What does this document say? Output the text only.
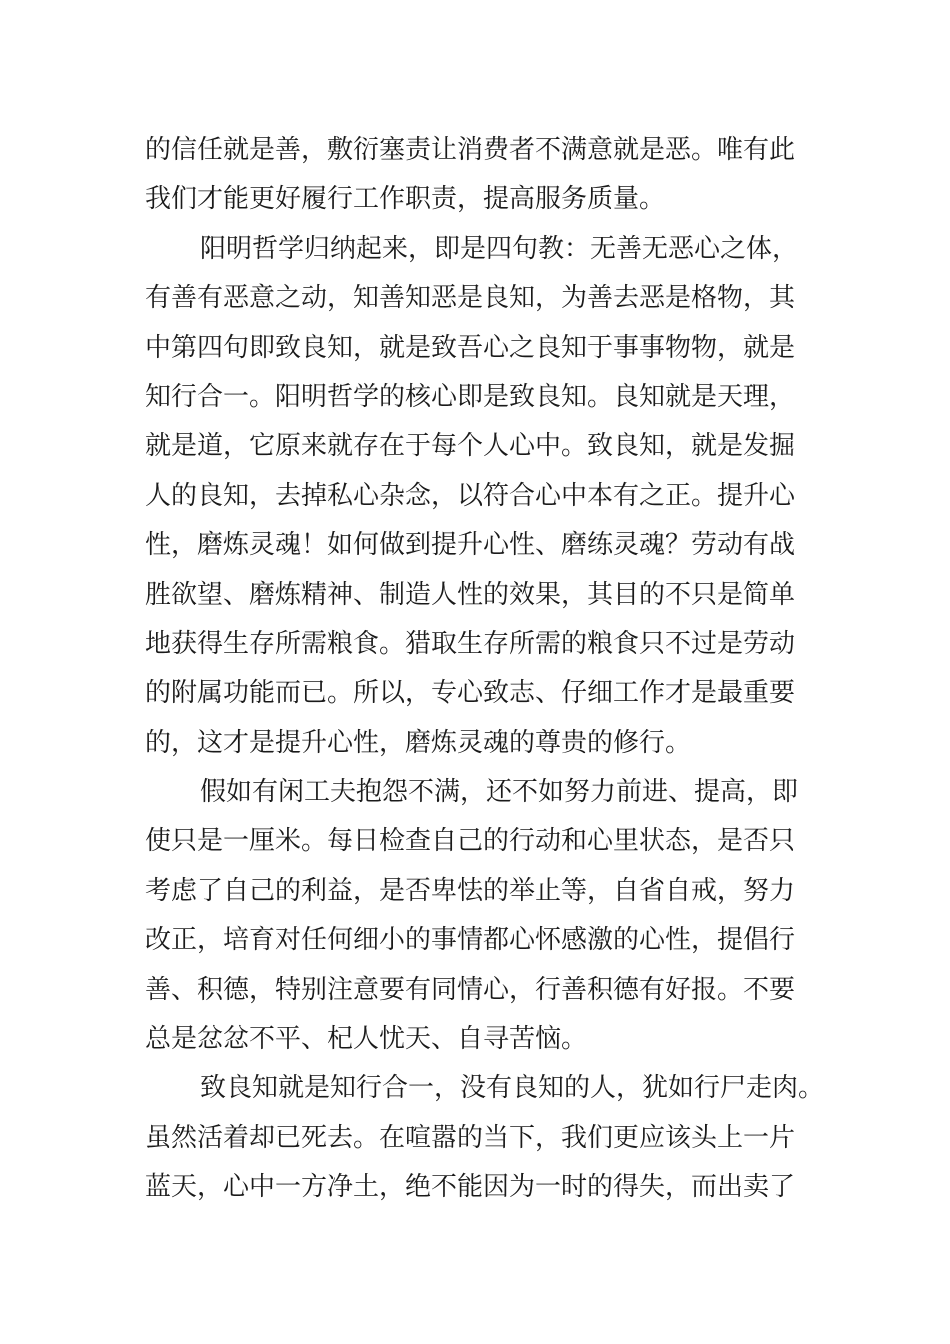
的信任就是善，敷衍塞责让消费者不满意就是恶。唯有此
我们才能更好履行工作职责，提高服务质量。
阳明哲学归纳起来，即是四句教：无善无恶心之体，
有善有恶意之动，知善知恶是良知，为善去恶是格物，其
中第四句即致良知，就是致吾心之良知于事事物物，就是
知行合一。阳明哲学的核心即是致良知。良知就是天理，
就是道，它原来就存在于每个人心中。致良知，就是发掘
人的良知，去掉私心杂念，以符合心中本有之正。提升心
性，磨炼灵魂！如何做到提升心性、磨练灵魂？劳动有战
胜欲望、磨炼精神、制造人性的效果，其目的不只是简单
地获得生存所需粮食。猎取生存所需的粮食只不过是劳动
的附属功能而已。所以，专心致志、仔细工作才是最重要
的，这才是提升心性，磨炼灵魂的尊贵的修行。
假如有闲工夫抱怨不满，还不如努力前进、提高，即
使只是一厘米。每日检查自己的行动和心里状态，是否只
考虑了自己的利益，是否卑怯的举止等，自省自戒，努力
改正，培育对任何细小的事情都心怀感激的心性，提倡行
善、积德，特别注意要有同情心，行善积德有好报。不要
总是忿忿不平、杞人忧天、自寻苦恼。
致良知就是知行合一，没有良知的人，犹如行尸走肉。
虽然活着却已死去。在喧嚣的当下，我们更应该头上一片
蓝天，心中一方净土，绝不能因为一时的得失，而出卖了
